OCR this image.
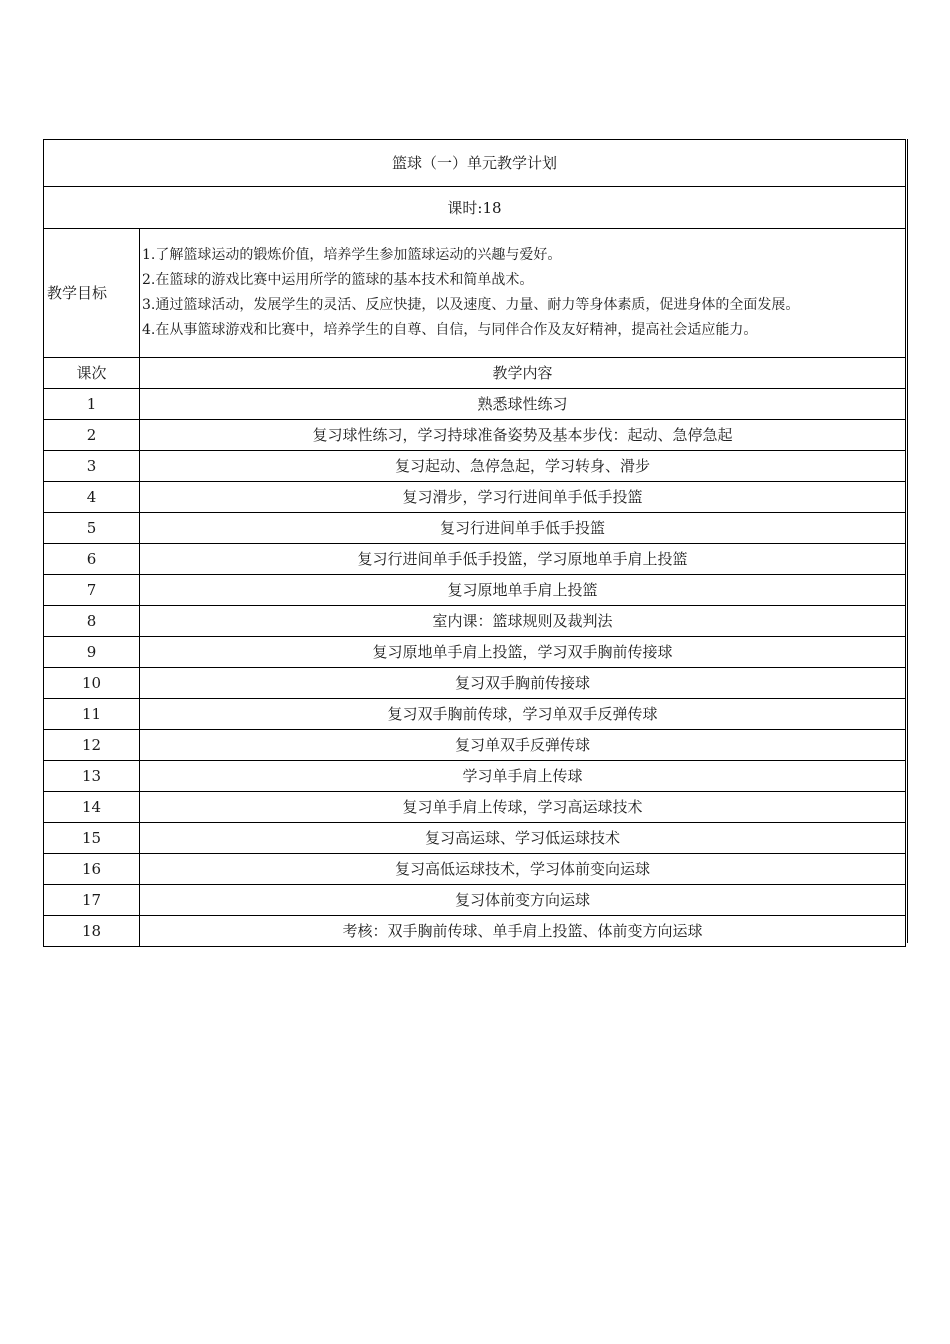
篮球（一）单元教学计划	
课时:18	
教学目标	1.了解篮球运动的锻炼价值，培养学生参加篮球运动的兴趣与爱好。
2.在篮球的游戏比赛中运用所学的篮球的基本技术和简单战术。
3.通过篮球活动，发展学生的灵活、反应快捷，以及速度、力量、耐力等身体素质，促进身体的全面发展。
4.在从事篮球游戏和比赛中，培养学生的自尊、自信，与同伴合作及友好精神，提高社会适应能力。

课次	教学内容
1	熟悉球性练习
2	复习球性练习，学习持球准备姿势及基本步伐：起动、急停急起
3	复习起动、急停急起，学习转身、滑步
4	复习滑步，学习行进间单手低手投篮
5	复习行进间单手低手投篮
6	复习行进间单手低手投篮，学习原地单手肩上投篮
7	复习原地单手肩上投篮
8	室内课：篮球规则及裁判法
9	复习原地单手肩上投篮，学习双手胸前传接球
10	复习双手胸前传接球
11	复习双手胸前传球，学习单双手反弹传球
12	复习单双手反弹传球
13	学习单手肩上传球
14	复习单手肩上传球，学习高运球技术
15	复习高运球、学习低运球技术
16	复习高低运球技术，学习体前变向运球
17	复习体前变方向运球
18	考核：双手胸前传球、单手肩上投篮、体前变方向运球
